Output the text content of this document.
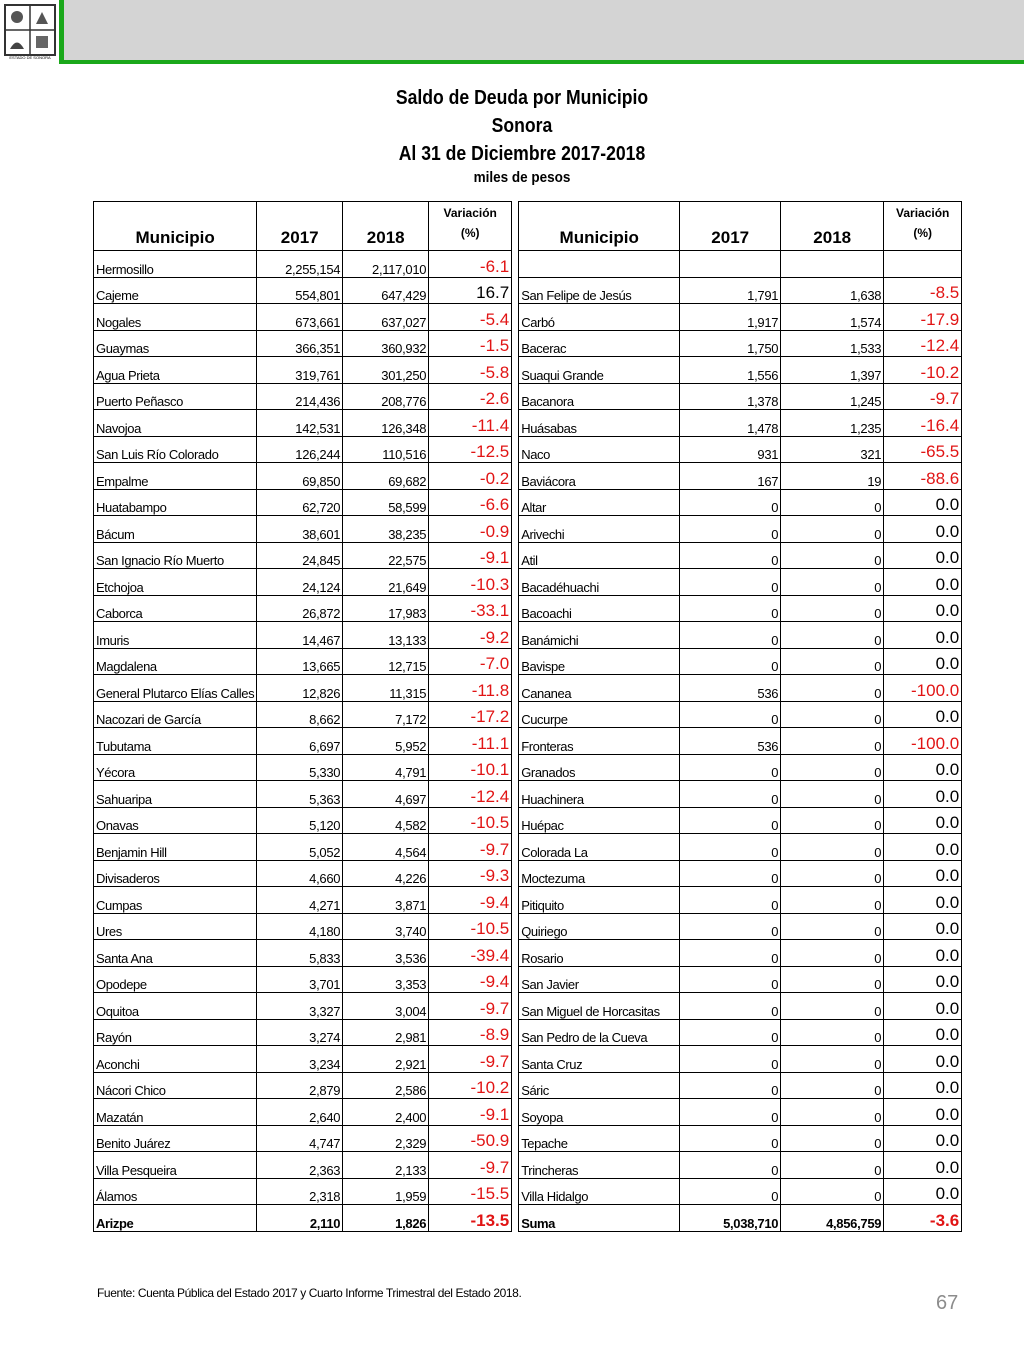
ESTADO DE SONORA
Saldo de Deuda por Municipio
Sonora
Al 31 de Diciembre 2017-2018
miles de pesos
Municipio	2017	2018	Variación
(%)		Municipio	2017	2018	Variación
(%)
Hermosillo	2,255,154	2,117,010	-6.1					
Cajeme	554,801	647,429	16.7		San Felipe de Jesús	1,791	1,638	-8.5
Nogales	673,661	637,027	-5.4		Carbó	1,917	1,574	-17.9
Guaymas	366,351	360,932	-1.5		Bacerac	1,750	1,533	-12.4
Agua Prieta	319,761	301,250	-5.8		Suaqui Grande	1,556	1,397	-10.2
Puerto Peñasco	214,436	208,776	-2.6		Bacanora	1,378	1,245	-9.7
Navojoa	142,531	126,348	-11.4		Huásabas	1,478	1,235	-16.4
San Luis Río Colorado	126,244	110,516	-12.5		Naco	931	321	-65.5
Empalme	69,850	69,682	-0.2		Baviácora	167	19	-88.6
Huatabampo	62,720	58,599	-6.6		Altar	0	0	0.0
Bácum	38,601	38,235	-0.9		Arivechi	0	0	0.0
San Ignacio Río Muerto	24,845	22,575	-9.1		Atil	0	0	0.0
Etchojoa	24,124	21,649	-10.3		Bacadéhuachi	0	0	0.0
Caborca	26,872	17,983	-33.1		Bacoachi	0	0	0.0
Imuris	14,467	13,133	-9.2		Banámichi	0	0	0.0
Magdalena	13,665	12,715	-7.0		Bavispe	0	0	0.0
General Plutarco Elías Calles	12,826	11,315	-11.8		Cananea	536	0	-100.0
Nacozari de García	8,662	7,172	-17.2		Cucurpe	0	0	0.0
Tubutama	6,697	5,952	-11.1		Fronteras	536	0	-100.0
Yécora	5,330	4,791	-10.1		Granados	0	0	0.0
Sahuaripa	5,363	4,697	-12.4		Huachinera	0	0	0.0
Onavas	5,120	4,582	-10.5		Huépac	0	0	0.0
Benjamin Hill	5,052	4,564	-9.7		Colorada La	0	0	0.0
Divisaderos	4,660	4,226	-9.3		Moctezuma	0	0	0.0
Cumpas	4,271	3,871	-9.4		Pitiquito	0	0	0.0
Ures	4,180	3,740	-10.5		Quiriego	0	0	0.0
Santa Ana	5,833	3,536	-39.4		Rosario	0	0	0.0
Opodepe	3,701	3,353	-9.4		San Javier	0	0	0.0
Oquitoa	3,327	3,004	-9.7		San Miguel de Horcasitas	0	0	0.0
Rayón	3,274	2,981	-8.9		San Pedro de la Cueva	0	0	0.0
Aconchi	3,234	2,921	-9.7		Santa Cruz	0	0	0.0
Nácori Chico	2,879	2,586	-10.2		Sáric	0	0	0.0
Mazatán	2,640	2,400	-9.1		Soyopa	0	0	0.0
Benito Juárez	4,747	2,329	-50.9		Tepache	0	0	0.0
Villa Pesqueira	2,363	2,133	-9.7		Trincheras	0	0	0.0
Álamos	2,318	1,959	-15.5		Villa Hidalgo	0	0	0.0
Arizpe	2,110	1,826	-13.5		Suma	5,038,710	4,856,759	-3.6
Fuente: Cuenta Pública del Estado 2017 y Cuarto Informe Trimestral del Estado 2018.	67
